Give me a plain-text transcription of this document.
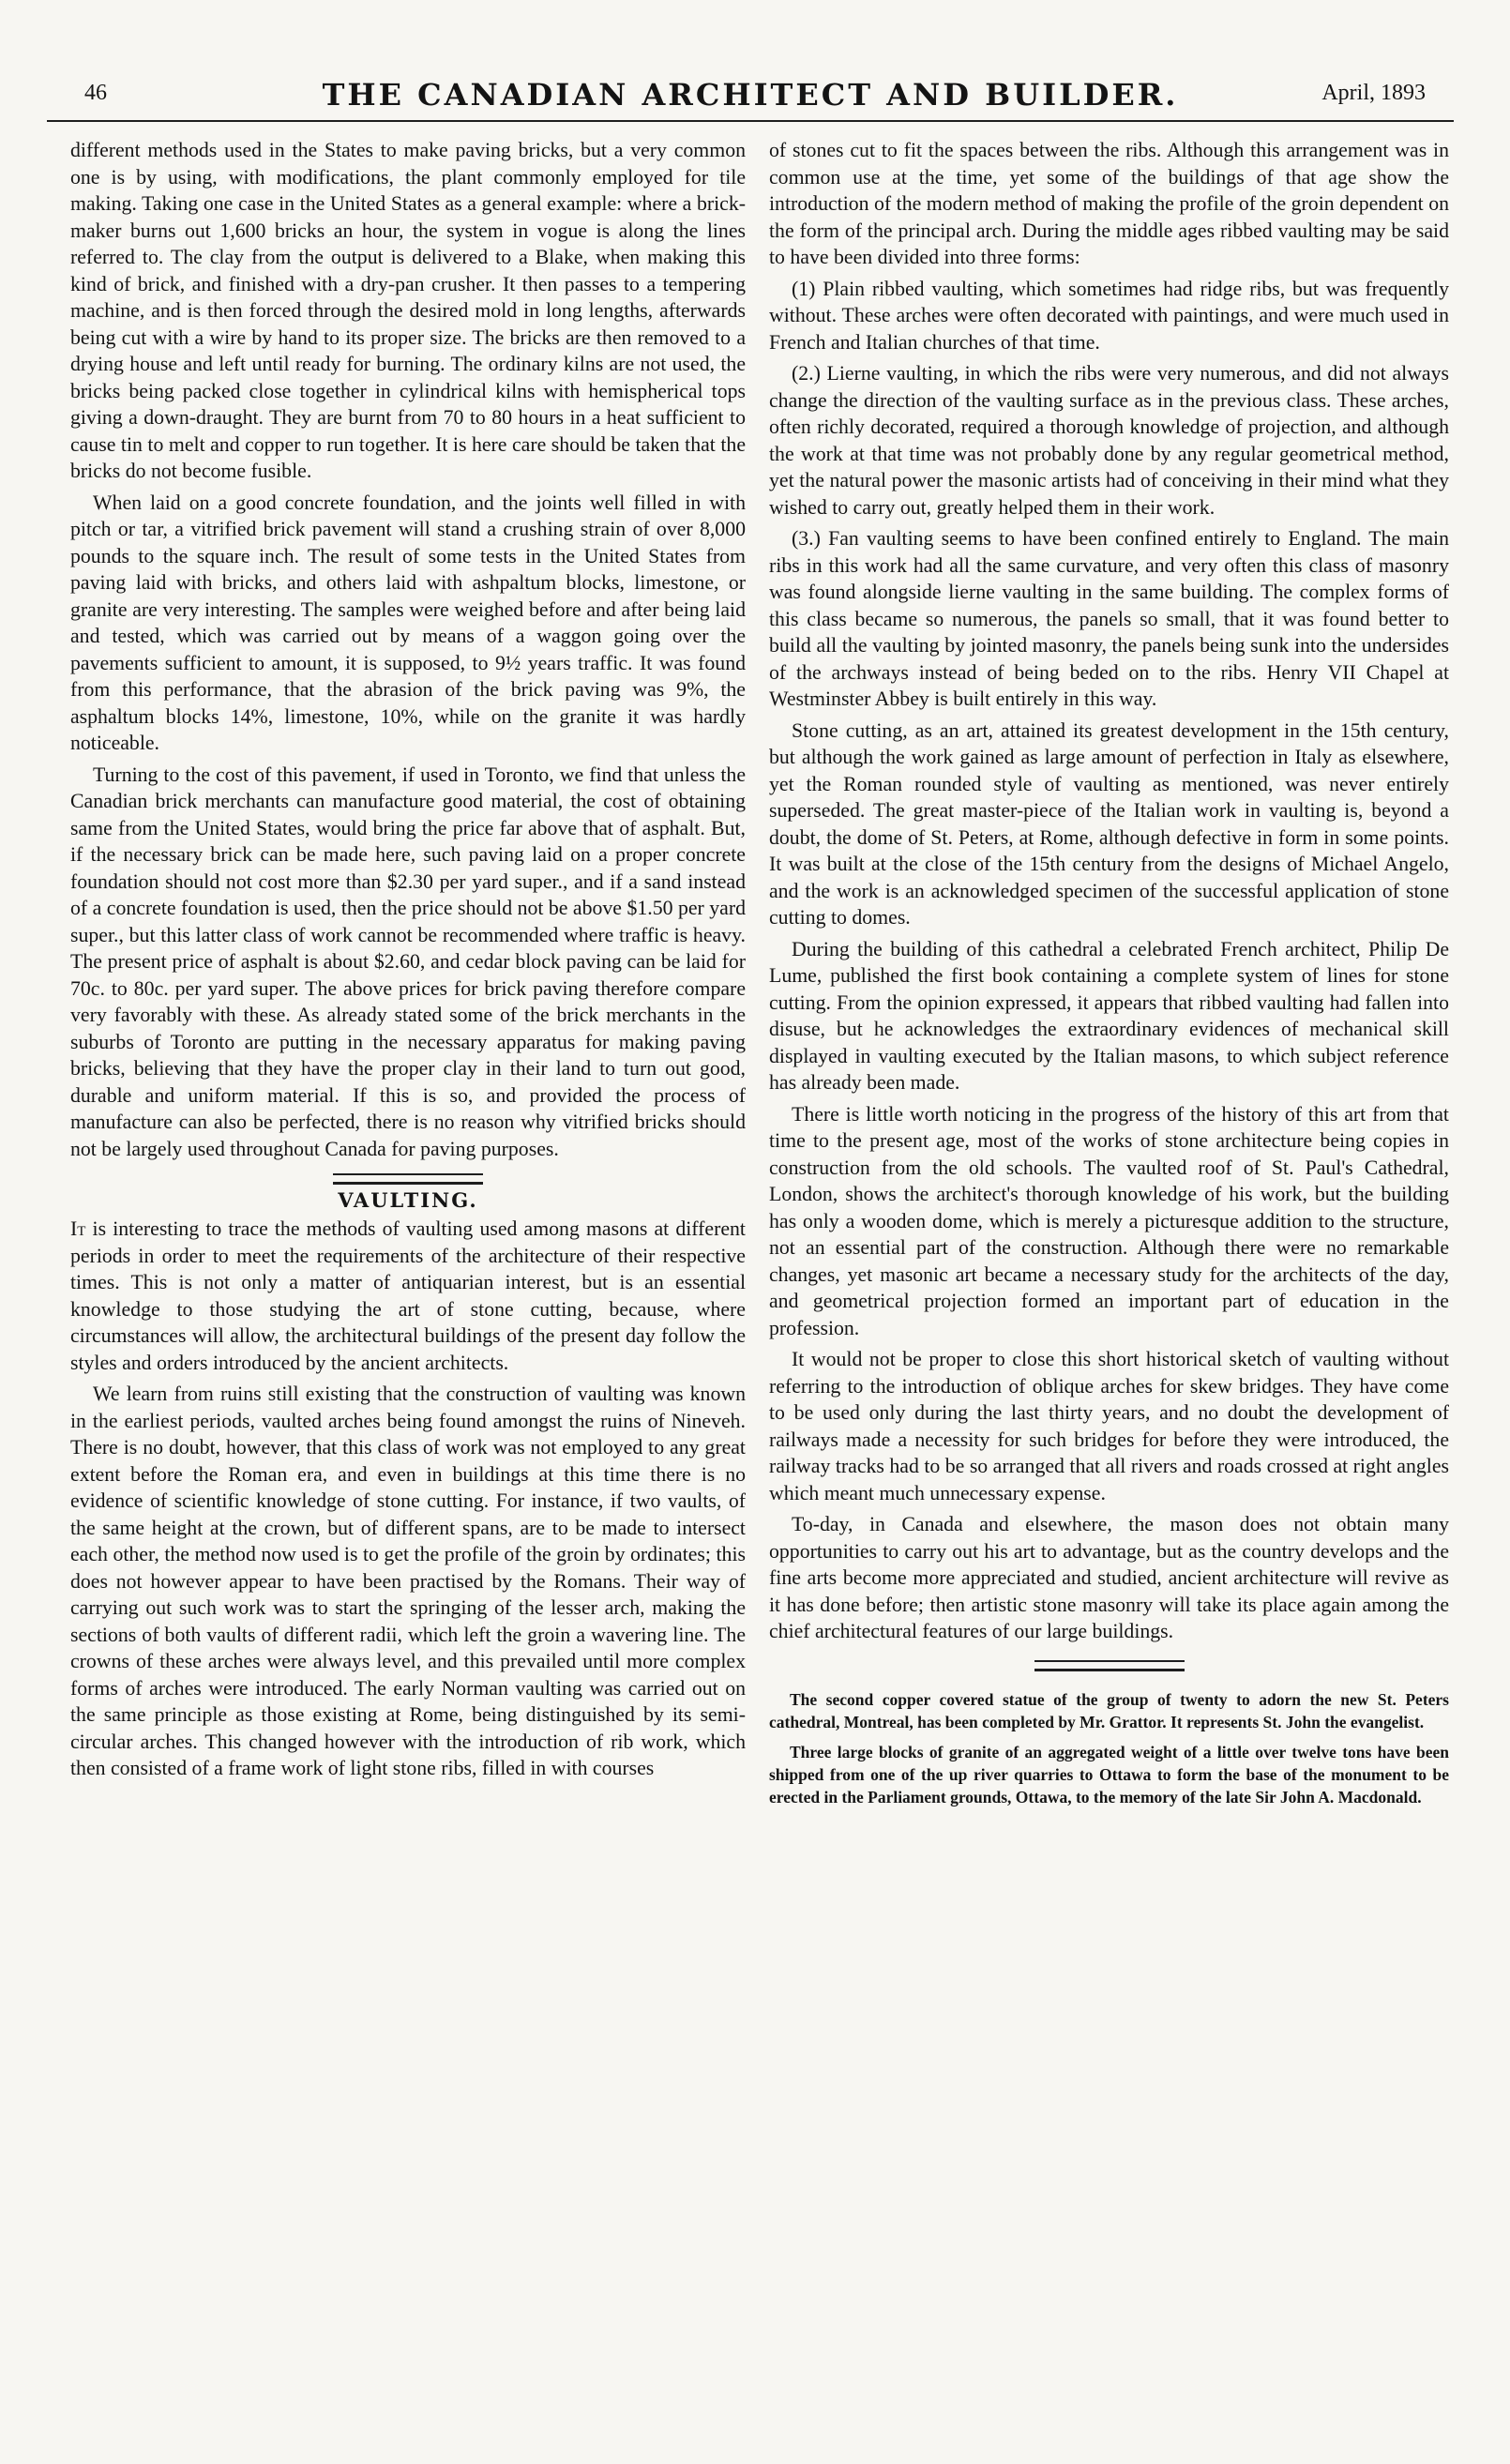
46	THE CANADIAN ARCHITECT AND BUILDER.	April, 1893

different methods used in the States to make paving bricks, but a very common one is by using, with modifications, the plant commonly employed for tile making. Taking one case in the United States as a general example: where a brick-maker burns out 1,600 bricks an hour, the system in vogue is along the lines referred to. The clay from the output is delivered to a Blake, when making this kind of brick, and finished with a dry-pan crusher. It then passes to a tempering machine, and is then forced through the desired mold in long lengths, afterwards being cut with a wire by hand to its proper size. The bricks are then removed to a drying house and left until ready for burning. The ordinary kilns are not used, the bricks being packed close together in cylindrical kilns with hemispherical tops giving a down-draught. They are burnt from 70 to 80 hours in a heat sufficient to cause tin to melt and copper to run together. It is here care should be taken that the bricks do not become fusible.

When laid on a good concrete foundation, and the joints well filled in with pitch or tar, a vitrified brick pavement will stand a crushing strain of over 8,000 pounds to the square inch. The result of some tests in the United States from paving laid with bricks, and others laid with ashpaltum blocks, limestone, or granite are very interesting. The samples were weighed before and after being laid and tested, which was carried out by means of a waggon going over the pavements sufficient to amount, it is supposed, to 9½ years traffic. It was found from this performance, that the abrasion of the brick paving was 9%, the asphaltum blocks 14%, limestone, 10%, while on the granite it was hardly noticeable.

Turning to the cost of this pavement, if used in Toronto, we find that unless the Canadian brick merchants can manufacture good material, the cost of obtaining same from the United States, would bring the price far above that of asphalt. But, if the necessary brick can be made here, such paving laid on a proper concrete foundation should not cost more than $2.30 per yard super., and if a sand instead of a concrete foundation is used, then the price should not be above $1.50 per yard super., but this latter class of work cannot be recommended where traffic is heavy. The present price of asphalt is about $2.60, and cedar block paving can be laid for 70c. to 80c. per yard super. The above prices for brick paving therefore compare very favorably with these. As already stated some of the brick merchants in the suburbs of Toronto are putting in the necessary apparatus for making paving bricks, believing that they have the proper clay in their land to turn out good, durable and uniform material. If this is so, and provided the process of manufacture can also be perfected, there is no reason why vitrified bricks should not be largely used throughout Canada for paving purposes.

VAULTING.

It is interesting to trace the methods of vaulting used among masons at different periods in order to meet the requirements of the architecture of their respective times. This is not only a matter of antiquarian interest, but is an essential knowledge to those studying the art of stone cutting, because, where circumstances will allow, the architectural buildings of the present day follow the styles and orders introduced by the ancient architects.

We learn from ruins still existing that the construction of vaulting was known in the earliest periods, vaulted arches being found amongst the ruins of Nineveh. There is no doubt, however, that this class of work was not employed to any great extent before the Roman era, and even in buildings at this time there is no evidence of scientific knowledge of stone cutting. For instance, if two vaults, of the same height at the crown, but of different spans, are to be made to intersect each other, the method now used is to get the profile of the groin by ordinates; this does not however appear to have been practised by the Romans. Their way of carrying out such work was to start the springing of the lesser arch, making the sections of both vaults of different radii, which left the groin a wavering line. The crowns of these arches were always level, and this prevailed until more complex forms of arches were introduced. The early Norman vaulting was carried out on the same principle as those existing at Rome, being distinguished by its semi-circular arches. This changed however with the introduction of rib work, which then consisted of a frame work of light stone ribs, filled in with courses

of stones cut to fit the spaces between the ribs. Although this arrangement was in common use at the time, yet some of the buildings of that age show the introduction of the modern method of making the profile of the groin dependent on the form of the principal arch. During the middle ages ribbed vaulting may be said to have been divided into three forms:

(1) Plain ribbed vaulting, which sometimes had ridge ribs, but was frequently without. These arches were often decorated with paintings, and were much used in French and Italian churches of that time.

(2.) Lierne vaulting, in which the ribs were very numerous, and did not always change the direction of the vaulting surface as in the previous class. These arches, often richly decorated, required a thorough knowledge of projection, and although the work at that time was not probably done by any regular geometrical method, yet the natural power the masonic artists had of conceiving in their mind what they wished to carry out, greatly helped them in their work.

(3.) Fan vaulting seems to have been confined entirely to England. The main ribs in this work had all the same curvature, and very often this class of masonry was found alongside lierne vaulting in the same building. The complex forms of this class became so numerous, the panels so small, that it was found better to build all the vaulting by jointed masonry, the panels being sunk into the undersides of the archways instead of being beded on to the ribs. Henry VII Chapel at Westminster Abbey is built entirely in this way.

Stone cutting, as an art, attained its greatest development in the 15th century, but although the work gained as large amount of perfection in Italy as elsewhere, yet the Roman rounded style of vaulting as mentioned, was never entirely superseded. The great master-piece of the Italian work in vaulting is, beyond a doubt, the dome of St. Peters, at Rome, although defective in form in some points. It was built at the close of the 15th century from the designs of Michael Angelo, and the work is an acknowledged specimen of the successful application of stone cutting to domes.

During the building of this cathedral a celebrated French architect, Philip De Lume, published the first book containing a complete system of lines for stone cutting. From the opinion expressed, it appears that ribbed vaulting had fallen into disuse, but he acknowledges the extraordinary evidences of mechanical skill displayed in vaulting executed by the Italian masons, to which subject reference has already been made.

There is little worth noticing in the progress of the history of this art from that time to the present age, most of the works of stone architecture being copies in construction from the old schools. The vaulted roof of St. Paul's Cathedral, London, shows the architect's thorough knowledge of his work, but the building has only a wooden dome, which is merely a picturesque addition to the structure, not an essential part of the construction. Although there were no remarkable changes, yet masonic art became a necessary study for the architects of the day, and geometrical projection formed an important part of education in the profession.

It would not be proper to close this short historical sketch of vaulting without referring to the introduction of oblique arches for skew bridges. They have come to be used only during the last thirty years, and no doubt the development of railways made a necessity for such bridges for before they were introduced, the railway tracks had to be so arranged that all rivers and roads crossed at right angles which meant much unnecessary expense.

To-day, in Canada and elsewhere, the mason does not obtain many opportunities to carry out his art to advantage, but as the country develops and the fine arts become more appreciated and studied, ancient architecture will revive as it has done before; then artistic stone masonry will take its place again among the chief architectural features of our large buildings.

The second copper covered statue of the group of twenty to adorn the new St. Peters cathedral, Montreal, has been completed by Mr. Grattor. It represents St. John the evangelist.

Three large blocks of granite of an aggregated weight of a little over twelve tons have been shipped from one of the up river quarries to Ottawa to form the base of the monument to be erected in the Parliament grounds, Ottawa, to the memory of the late Sir John A. Macdonald.
